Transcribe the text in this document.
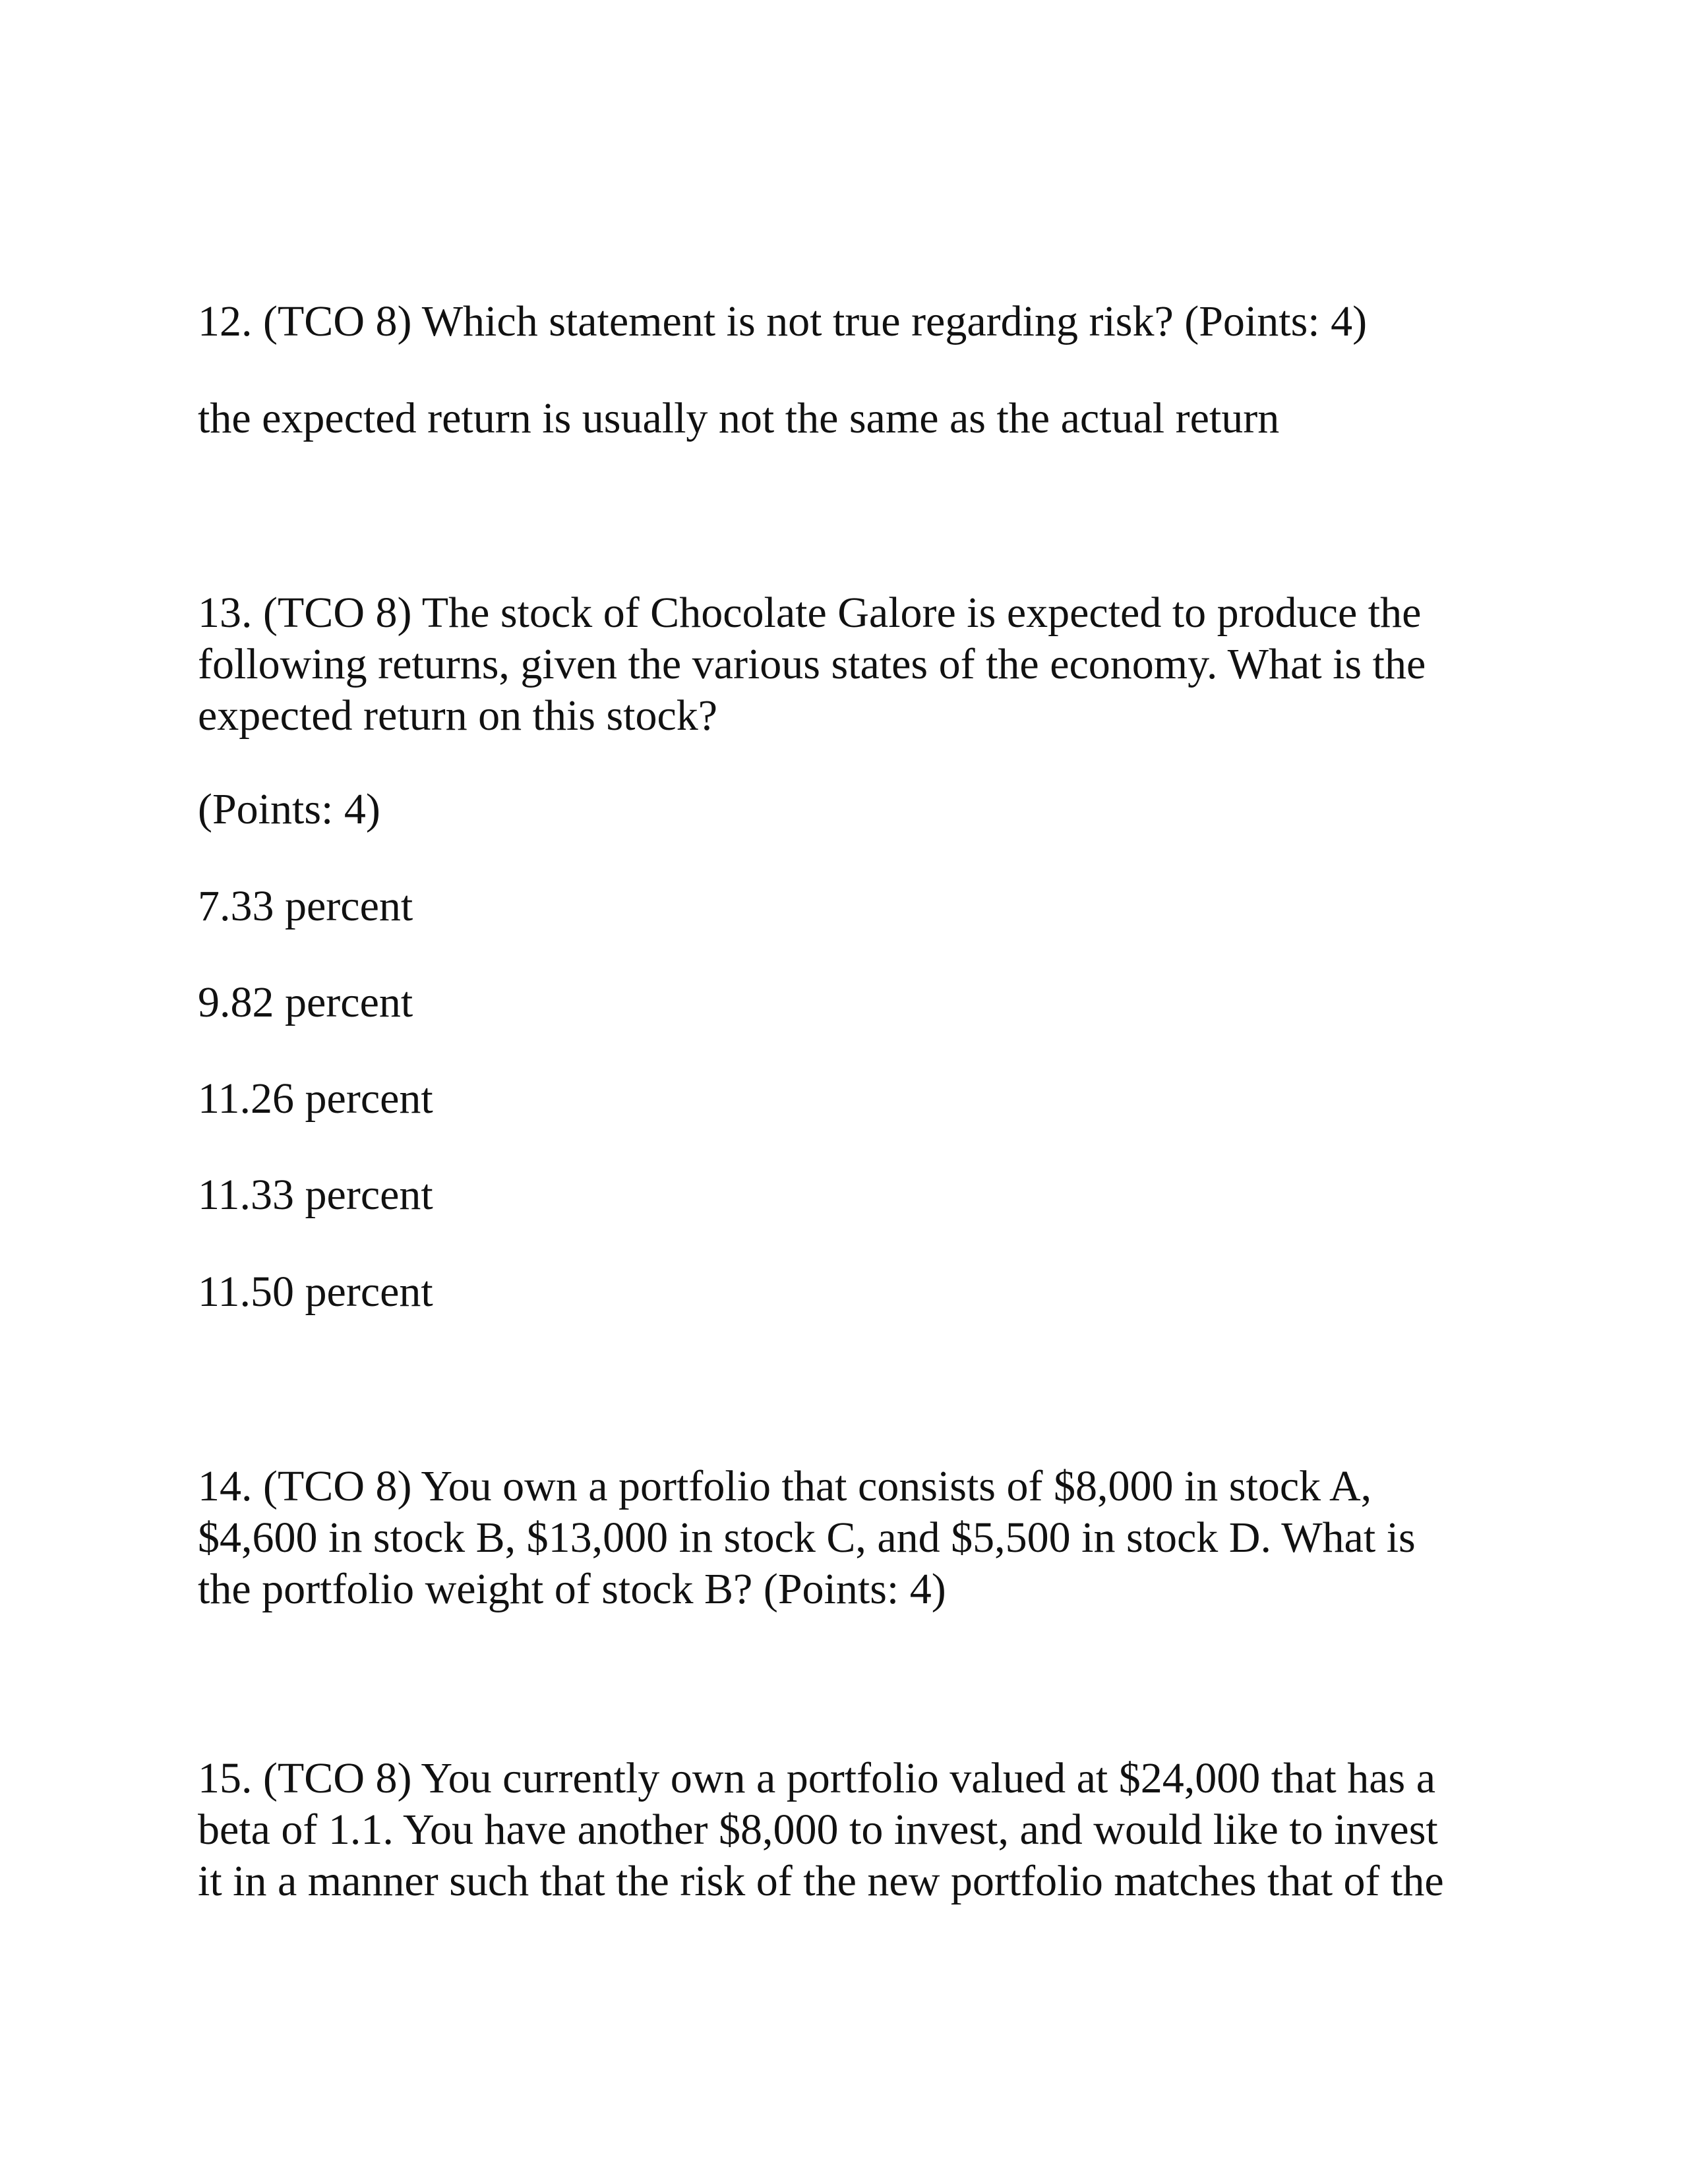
12. (TCO 8) Which statement is not true regarding risk? (Points: 4)

the expected return is usually not the same as the actual return

13. (TCO 8) The stock of Chocolate Galore is expected to produce the
following returns, given the various states of the economy. What is the
expected return on this stock?

(Points: 4)

7.33 percent

9.82 percent

11.26 percent

11.33 percent

11.50 percent

14. (TCO 8) You own a portfolio that consists of $8,000 in stock A,
$4,600 in stock B, $13,000 in stock C, and $5,500 in stock D. What is
the portfolio weight of stock B? (Points: 4)
15. (TCO 8) You currently own a portfolio valued at $24,000 that has a
beta of 1.1. You have another $8,000 to invest, and would like to invest
it in a manner such that the risk of the new portfolio matches that of the
